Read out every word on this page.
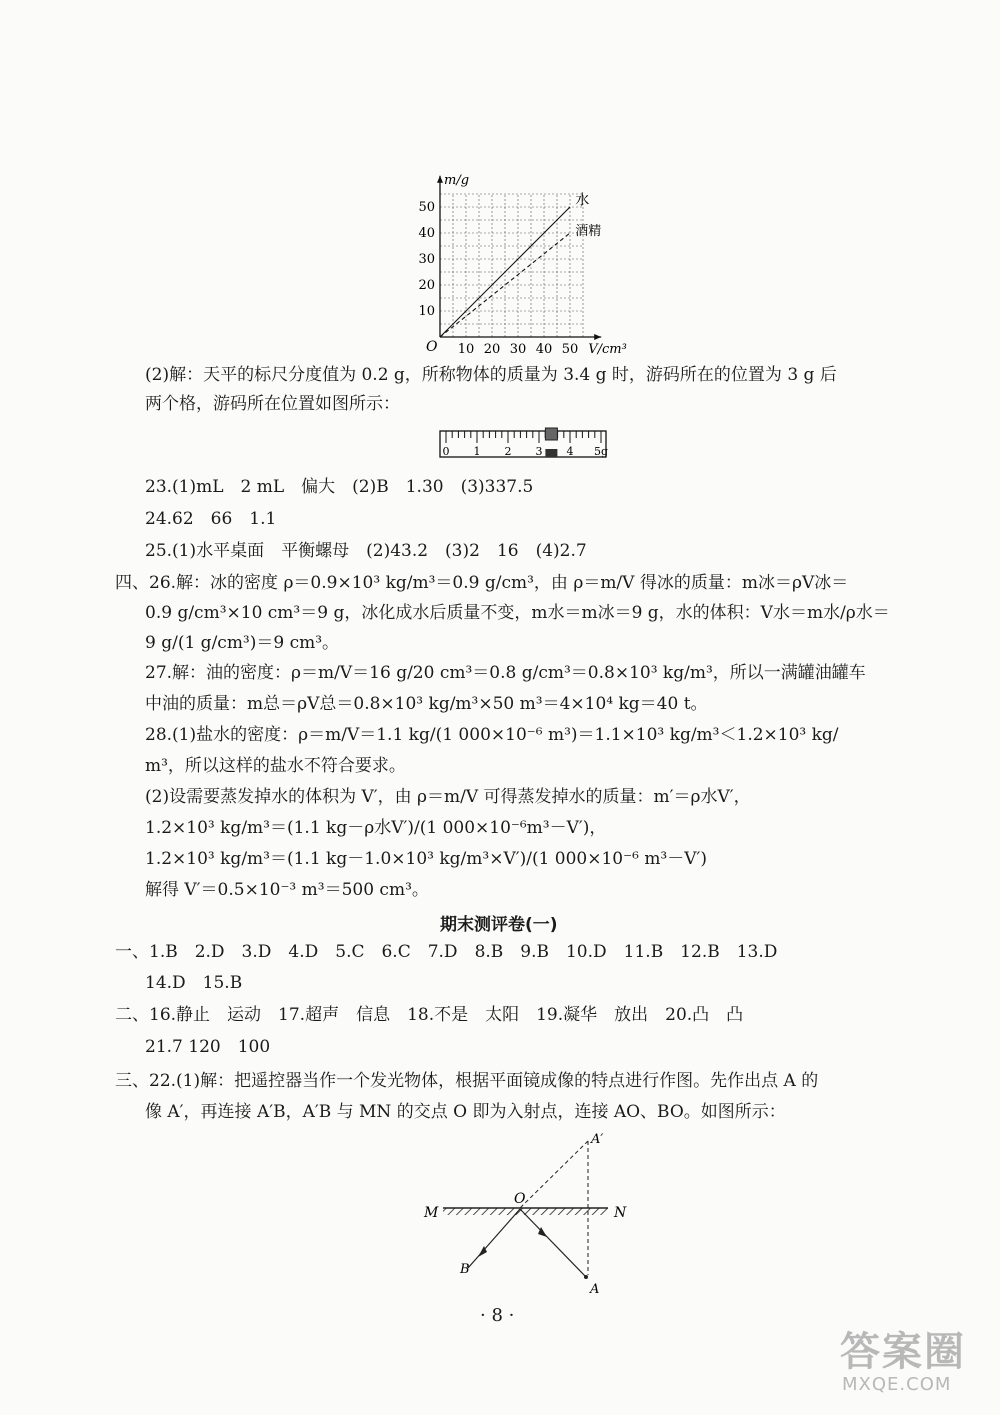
10 20 30 40 50
10
20
30
40
50
O
m/g
V/cm³
水
酒精
(2)解：天平的标尺分度值为 0.2 g，所称物体的质量为 3.4 g 时，游码所在的位置为 3 g 后
两个格，游码所在位置如图所示：
0 1 2 3 4 5g
23.(1)mL　2 mL　偏大　(2)B　1.30　(3)337.5
24.62　66　1.1
25.(1)水平桌面　平衡螺母　(2)43.2　(3)2　16　(4)2.7
四、26.解：冰的密度 ρ＝0.9×10³ kg/m³＝0.9 g/cm³，由 ρ＝m/V 得冰的质量：m冰＝ρV冰＝
0.9 g/cm³×10 cm³＝9 g，冰化成水后质量不变，m水＝m冰＝9 g，水的体积：V水＝m水/ρ水＝
9 g/(1 g/cm³)＝9 cm³。
27.解：油的密度：ρ＝m/V＝16 g/20 cm³＝0.8 g/cm³＝0.8×10³ kg/m³，所以一满罐油罐车
中油的质量：m总＝ρV总＝0.8×10³ kg/m³×50 m³＝4×10⁴ kg＝40 t。
28.(1)盐水的密度：ρ＝m/V＝1.1 kg/(1 000×10⁻⁶ m³)＝1.1×10³ kg/m³＜1.2×10³ kg/
m³，所以这样的盐水不符合要求。
(2)设需要蒸发掉水的体积为 V′，由 ρ＝m/V 可得蒸发掉水的质量：m′＝ρ水V′，
1.2×10³ kg/m³＝(1.1 kg－ρ水V′)/(1 000×10⁻⁶m³－V′)，
1.2×10³ kg/m³＝(1.1 kg－1.0×10³ kg/m³×V′)/(1 000×10⁻⁶ m³－V′)
解得 V′＝0.5×10⁻³ m³＝500 cm³。
期末测评卷(一)
一、1.B　2.D　3.D　4.D　5.C　6.C　7.D　8.B　9.B　10.D　11.B　12.B　13.D
14.D　15.B
二、16.静止　运动　17.超声　信息　18.不是　太阳　19.凝华　放出　20.凸　凸
21.7 120　100
三、22.(1)解：把遥控器当作一个发光物体，根据平面镜成像的特点进行作图。先作出点 A 的
像 A′，再连接 A′B，A′B 与 MN 的交点 O 即为入射点，连接 AO、BO。如图所示：
M	N
O
A′
A
B
· 8 ·
答案圈
MXQE.COM
